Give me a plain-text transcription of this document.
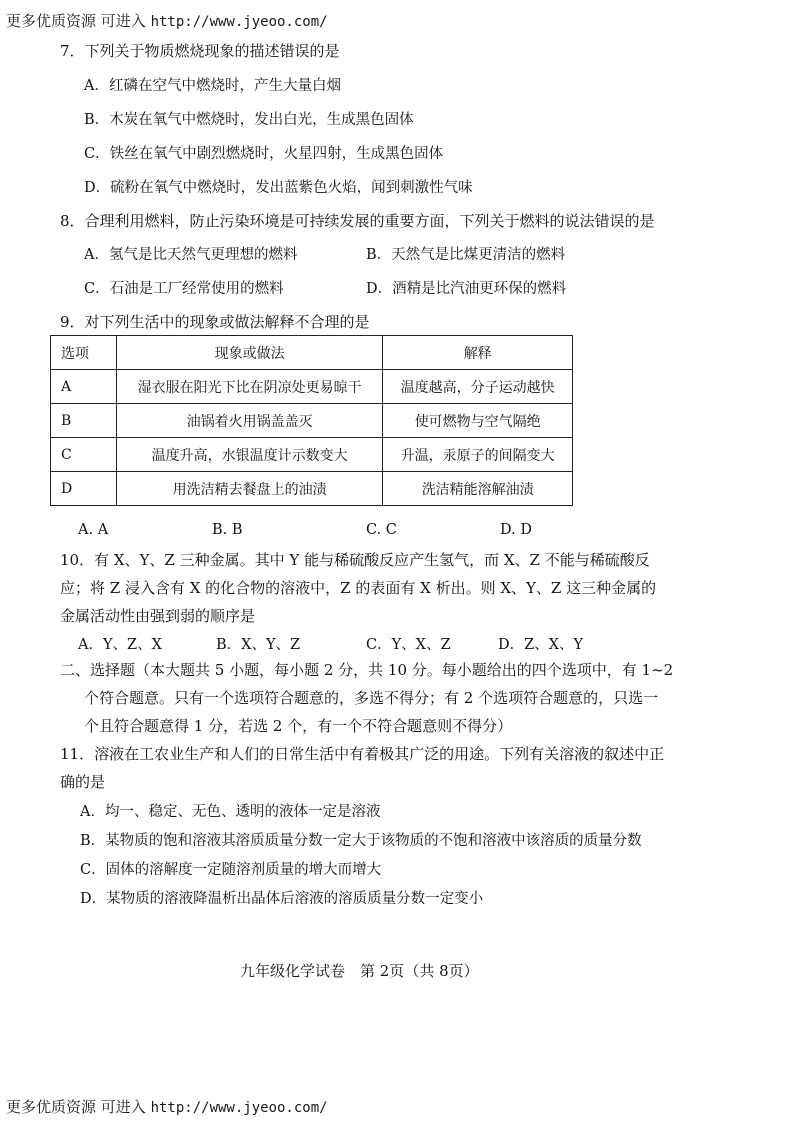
更多优质资源 可进入 http://www.jyeoo.com/
7．下列关于物质燃烧现象的描述错误的是
A．红磷在空气中燃烧时，产生大量白烟
B．木炭在氧气中燃烧时，发出白光，生成黑色固体
C．铁丝在氧气中剧烈燃烧时，火星四射，生成黑色固体
D．硫粉在氧气中燃烧时，发出蓝紫色火焰，闻到刺激性气味
8．合理利用燃料，防止污染环境是可持续发展的重要方面，下列关于燃料的说法错误的是
A．氢气是比天然气更理想的燃料	B．天然气是比煤更清洁的燃料
C．石油是工厂经常使用的燃料	D．酒精是比汽油更环保的燃料
9．对下列生活中的现象或做法解释不合理的是
选项	现象或做法	解释
A	湿衣服在阳光下比在阴凉处更易晾干	温度越高，分子运动越快
B	油锅着火用锅盖盖灭	使可燃物与空气隔绝
C	温度升高，水银温度计示数变大	升温，汞原子的间隔变大
D	用洗洁精去餐盘上的油渍	洗洁精能溶解油渍
A. A	B. B	C. C	D. D
10．有 X、Y、Z 三种金属。其中 Y 能与稀硫酸反应产生氢气，而 X、Z 不能与稀硫酸反
应；将 Z 浸入含有 X 的化合物的溶液中，Z 的表面有 X 析出。则 X、Y、Z 这三种金属的
金属活动性由强到弱的顺序是
A．Y、Z、X	B．X、Y、Z	C．Y、X、Z	D．Z、X、Y
二、选择题（本大题共 5 小题，每小题 2 分，共 10 分。每小题给出的四个选项中，有 1~2
个符合题意。只有一个选项符合题意的，多选不得分；有 2 个选项符合题意的，只选一
个且符合题意得 1 分，若选 2 个，有一个不符合题意则不得分）
11．溶液在工农业生产和人们的日常生活中有着极其广泛的用途。下列有关溶液的叙述中正
确的是
A．均一、稳定、无色、透明的液体一定是溶液
B．某物质的饱和溶液其溶质质量分数一定大于该物质的不饱和溶液中该溶质的质量分数
C．固体的溶解度一定随溶剂质量的增大而增大
D．某物质的溶液降温析出晶体后溶液的溶质质量分数一定变小
九年级化学试卷　第 2页（共 8页）
更多优质资源 可进入 http://www.jyeoo.com/
